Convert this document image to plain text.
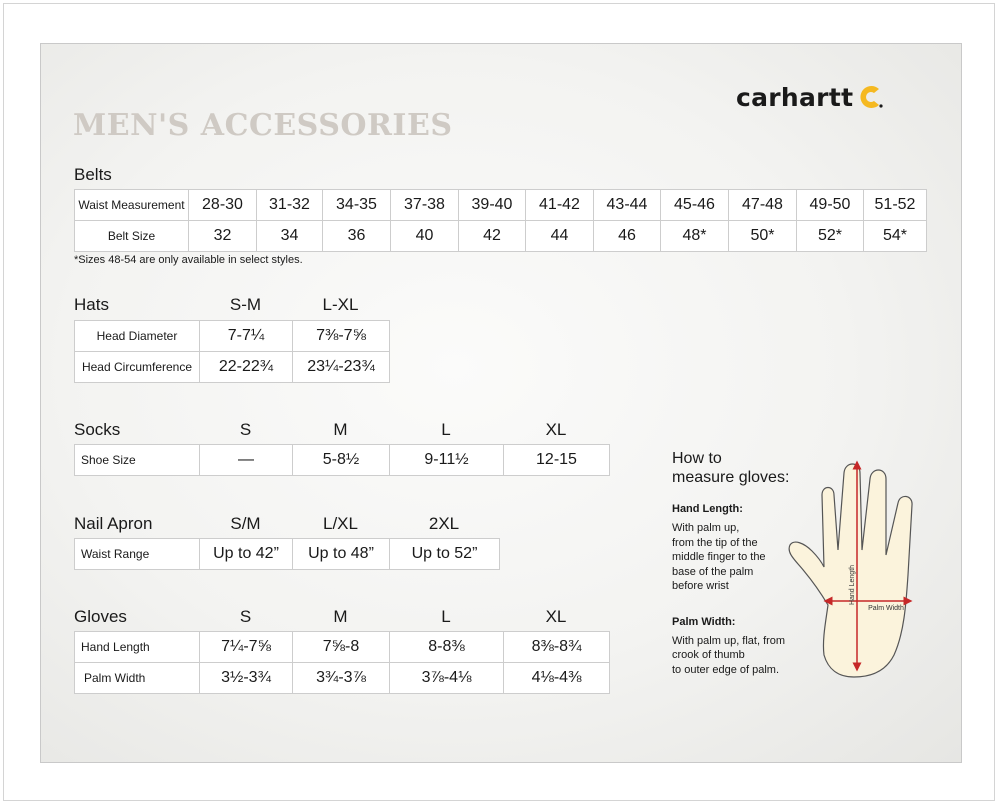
MEN'S ACCESSORIES
carhartt
Belts
Waist Measurement	28-30	31-32	34-35	37-38	39-40	41-42	43-44	45-46	47-48	49-50	51-52
Belt Size	32	34	36	40	42	44	46	48*	50*	52*	54*
*Sizes 48-54 are only available in select styles.
Hats	S-M	L-XL
Head Diameter	7-7¼	7⅜-7⅝
Head Circumference	22-22¾	23¼-23¾
Socks	S	M	L	XL
Shoe Size	—	5-8½	9-11½	12-15
Nail Apron	S/M	L/XL	2XL
Waist Range	Up to 42”	Up to 48”	Up to 52”
Gloves	S	M	L	XL
Hand Length	7¼-7⅝	7⅝-8	8-8⅜	8⅜-8¾
Palm Width	3½-3¾	3¾-3⅞	3⅞-4⅛	4⅛-4⅜

How to

measure gloves:

Hand Length:

With palm up,
from the tip of the
middle finger to the
base of the palm
before wrist

Palm Width:

With palm up, flat, from
crook of thumb
to outer edge of palm.
Hand Length
Palm Width
